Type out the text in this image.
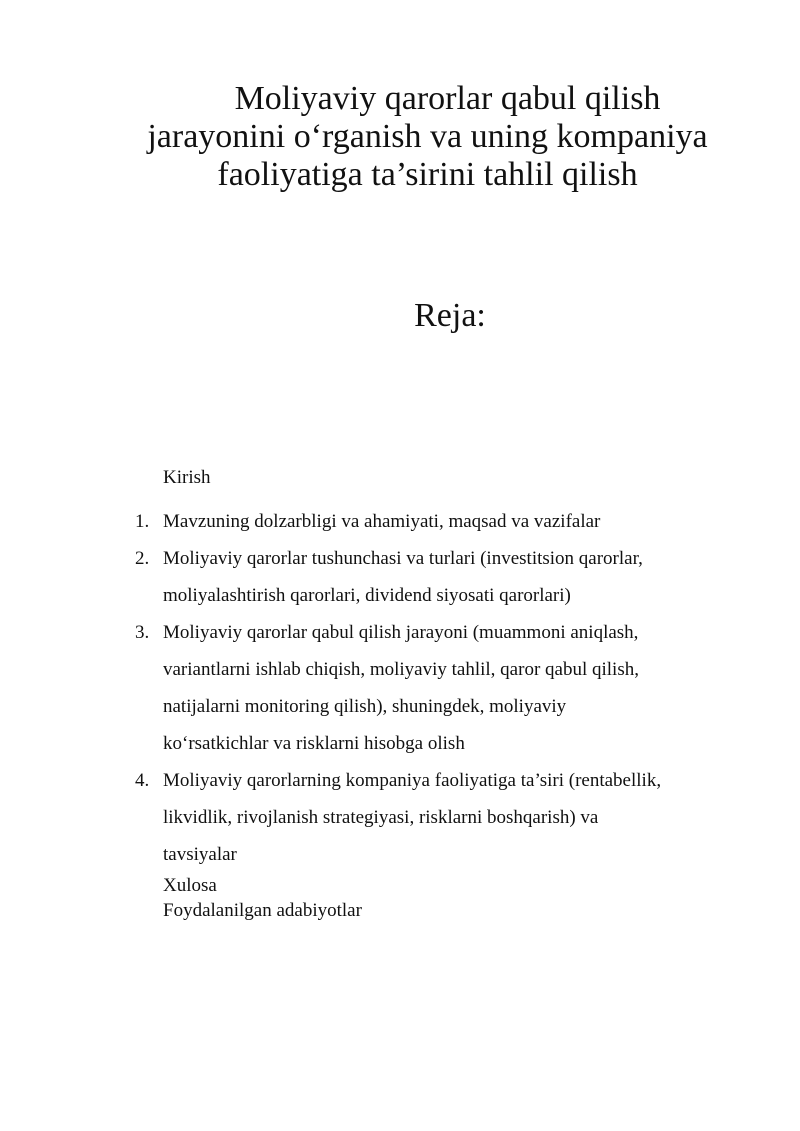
Moliyaviy qarorlar qabul qilish
jarayonini o‘rganish va uning kompaniya
faoliyatiga ta’sirini tahlil qilish
Reja:

Kirish

1. Mavzuning dolzarbligi va ahamiyati, maqsad va vazifalar
2. Moliyaviy qarorlar tushunchasi va turlari (investitsion qarorlar,
moliyalashtirish qarorlari, dividend siyosati qarorlari)
3. Moliyaviy qarorlar qabul qilish jarayoni (muammoni aniqlash,
variantlarni ishlab chiqish, moliyaviy tahlil, qaror qabul qilish,
natijalarni monitoring qilish), shuningdek, moliyaviy
ko‘rsatkichlar va risklarni hisobga olish
4. Moliyaviy qarorlarning kompaniya faoliyatiga ta’siri (rentabellik,
likvidlik, rivojlanish strategiyasi, risklarni boshqarish) va
tavsiyalar

Xulosa

Foydalanilgan adabiyotlar
